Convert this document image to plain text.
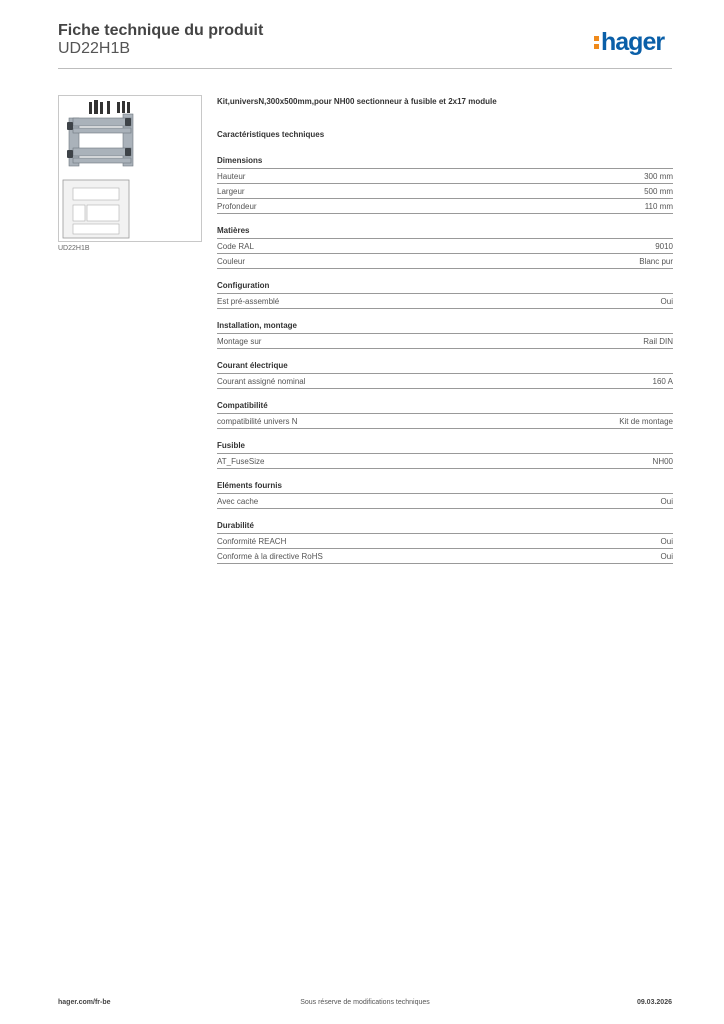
Fiche technique du produit
UD22H1B	hager
UD22H1B
Kit,universN,300x500mm,pour NH00 sectionneur à fusible et 2x17 module
Caractéristiques techniques
Dimensions
Hauteur	300 mm
Largeur	500 mm
Profondeur	110 mm
Matières
Code RAL	9010
Couleur	Blanc pur
Configuration
Est pré-assemblé	Oui
Installation, montage
Montage sur	Rail DIN
Courant électrique
Courant assigné nominal	160 A
Compatibilité
compatibilité univers N	Kit de montage
Fusible
AT_FuseSize	NH00
Eléments fournis
Avec cache	Oui
Durabilité
Conformité REACH	Oui
Conforme à la directive RoHS	Oui
hager.com/fr-be	Sous réserve de modifications techniques	09.03.2026
